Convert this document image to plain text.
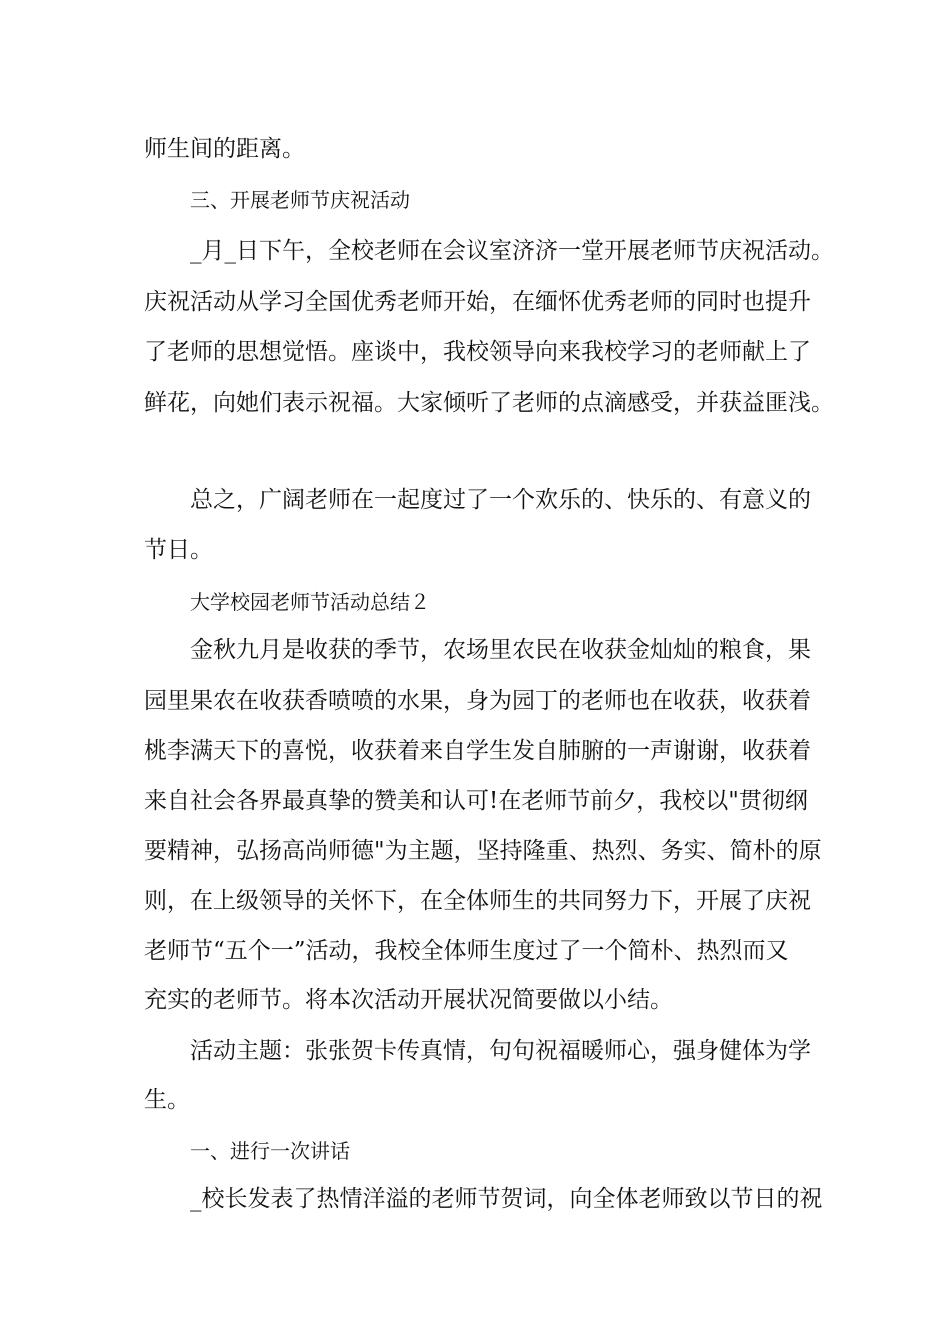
师生间的距离。
三、开展老师节庆祝活动
_月_日下午，全校老师在会议室济济一堂开展老师节庆祝活动。
庆祝活动从学习全国优秀老师开始，在缅怀优秀老师的同时也提升
了老师的思想觉悟。座谈中，我校领导向来我校学习的老师献上了
鲜花，向她们表示祝福。大家倾听了老师的点滴感受，并获益匪浅。
总之，广阔老师在一起度过了一个欢乐的、快乐的、有意义的
节日。
大学校园老师节活动总结２
金秋九月是收获的季节，农场里农民在收获金灿灿的粮食，果
园里果农在收获香喷喷的水果，身为园丁的老师也在收获，收获着
桃李满天下的喜悦，收获着来自学生发自肺腑的一声谢谢，收获着
来自社会各界最真挚的赞美和认可!在老师节前夕，我校以"贯彻纲
要精神，弘扬高尚师德"为主题，坚持隆重、热烈、务实、简朴的原
则，在上级领导的关怀下，在全体师生的共同努力下，开展了庆祝
老师节“五个一”活动，我校全体师生度过了一个简朴、热烈而又
充实的老师节。将本次活动开展状况简要做以小结。
活动主题：张张贺卡传真情，句句祝福暖师心，强身健体为学
生。
一、进行一次讲话
_校长发表了热情洋溢的老师节贺词，向全体老师致以节日的祝
